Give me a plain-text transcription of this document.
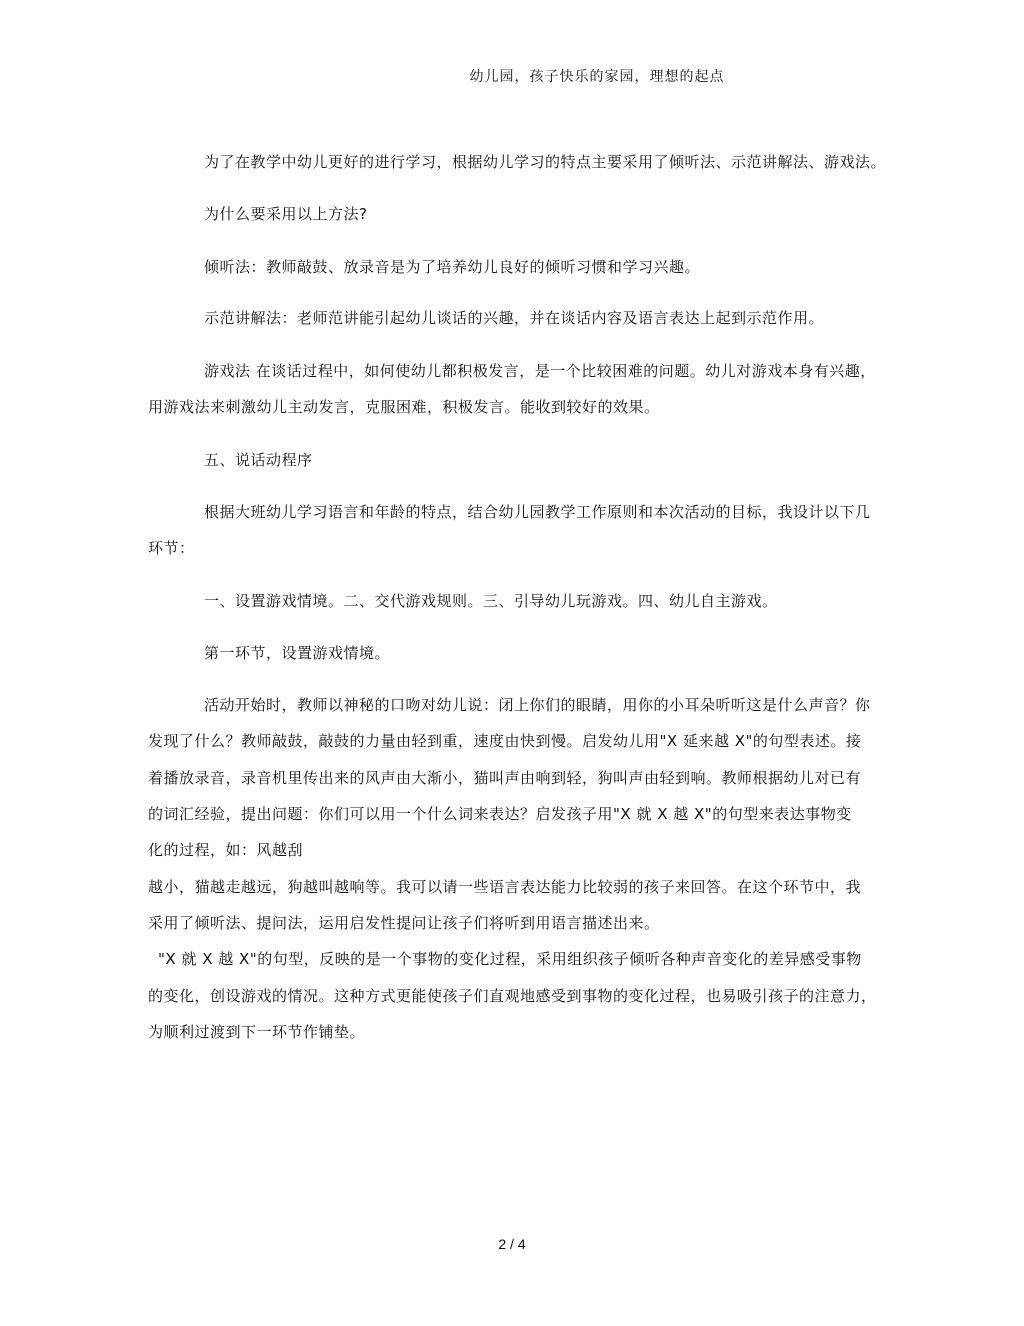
幼儿园，孩子快乐的家园，理想的起点
为了在教学中幼儿更好的进行学习，根据幼儿学习的特点主要采用了倾听法、示范讲解法、游戏法。
为什么要采用以上方法?
倾听法：教师敲鼓、放录音是为了培养幼儿良好的倾听习惯和学习兴趣。
示范讲解法：老师范讲能引起幼儿谈话的兴趣，并在谈话内容及语言表达上起到示范作用。
游戏法 在谈话过程中，如何使幼儿都积极发言，是一个比较困难的问题。幼儿对游戏本身有兴趣，
用游戏法来刺激幼儿主动发言，克服困难，积极发言。能收到较好的效果。
五、说话动程序
根据大班幼儿学习语言和年龄的特点，结合幼儿园教学工作原则和本次活动的目标，我设计以下几
环节：
一、设置游戏情境。二、交代游戏规则。三、引导幼儿玩游戏。四、幼儿自主游戏。
第一环节，设置游戏情境。
活动开始时，教师以神秘的口吻对幼儿说：闭上你们的眼睛，用你的小耳朵听听这是什么声音？你
发现了什么？教师敲鼓，敲鼓的力量由轻到重，速度由快到慢。启发幼儿用"X 延来越 X"的句型表述。接
着播放录音，录音机里传出来的风声由大渐小，猫叫声由响到轻，狗叫声由轻到响。教师根据幼儿对已有
的词汇经验，提出问题：你们可以用一个什么词来表达？启发孩子用"X 就 X 越 X"的句型来表达事物变
化的过程，如：风越刮
越小，猫越走越远，狗越叫越响等。我可以请一些语言表达能力比较弱的孩子来回答。在这个环节中，我
采用了倾听法、提问法，运用启发性提问让孩子们将听到用语言描述出来。
"X 就 X 越 X"的句型，反映的是一个事物的变化过程，采用组织孩子倾听各种声音变化的差异感受事物
的变化，创设游戏的情况。这种方式更能使孩子们直观地感受到事物的变化过程，也易吸引孩子的注意力，
为顺利过渡到下一环节作铺垫。
2 / 4
